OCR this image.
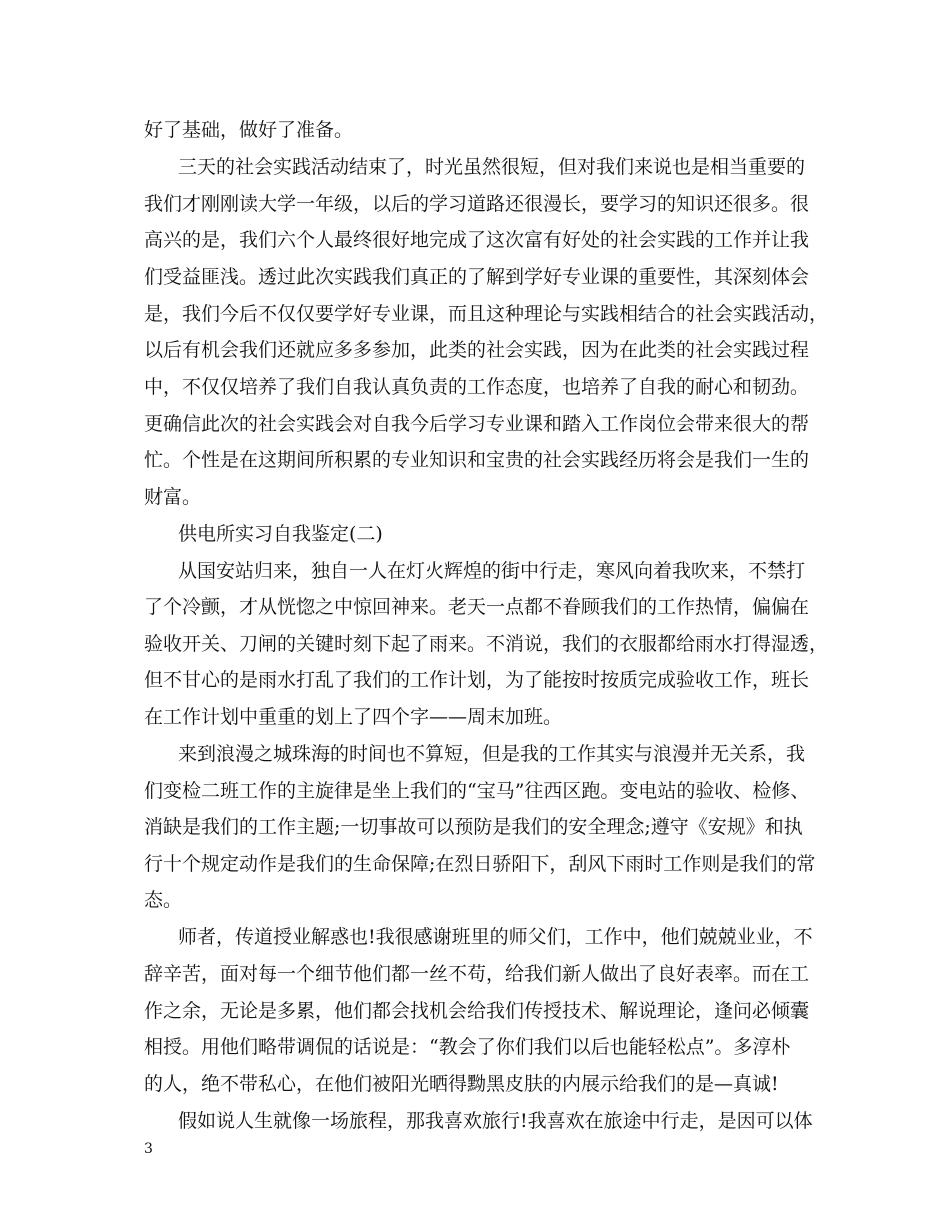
好了基础，做好了准备。
三天的社会实践活动结束了，时光虽然很短，但对我们来说也是相当重要的
我们才刚刚读大学一年级，以后的学习道路还很漫长，要学习的知识还很多。很
高兴的是，我们六个人最终很好地完成了这次富有好处的社会实践的工作并让我
们受益匪浅。透过此次实践我们真正的了解到学好专业课的重要性，其深刻体会
是，我们今后不仅仅要学好专业课，而且这种理论与实践相结合的社会实践活动，
以后有机会我们还就应多多参加，此类的社会实践，因为在此类的社会实践过程
中，不仅仅培养了我们自我认真负责的工作态度，也培养了自我的耐心和韧劲。
更确信此次的社会实践会对自我今后学习专业课和踏入工作岗位会带来很大的帮
忙。个性是在这期间所积累的专业知识和宝贵的社会实践经历将会是我们一生的
财富。
供电所实习自我鉴定(二)
从国安站归来，独自一人在灯火辉煌的街中行走，寒风向着我吹来，不禁打
了个冷颤，才从恍惚之中惊回神来。老天一点都不眷顾我们的工作热情，偏偏在
验收开关、刀闸的关键时刻下起了雨来。不消说，我们的衣服都给雨水打得湿透，
但不甘心的是雨水打乱了我们的工作计划，为了能按时按质完成验收工作，班长
在工作计划中重重的划上了四个字——周末加班。
来到浪漫之城珠海的时间也不算短，但是我的工作其实与浪漫并无关系，我
们变检二班工作的主旋律是坐上我们的“宝马”往西区跑。变电站的验收、检修、
消缺是我们的工作主题;一切事故可以预防是我们的安全理念;遵守《安规》和执
行十个规定动作是我们的生命保障;在烈日骄阳下，刮风下雨时工作则是我们的常
态。
师者，传道授业解惑也!我很感谢班里的师父们，工作中，他们兢兢业业，不
辞辛苦，面对每一个细节他们都一丝不苟，给我们新人做出了良好表率。而在工
作之余，无论是多累，他们都会找机会给我们传授技术、解说理论，逢问必倾囊
相授。用他们略带调侃的话说是：“教会了你们我们以后也能轻松点”。多淳朴
的人，绝不带私心，在他们被阳光晒得黝黑皮肤的内展示给我们的是—真诚!
假如说人生就像一场旅程，那我喜欢旅行!我喜欢在旅途中行走，是因可以体
3
